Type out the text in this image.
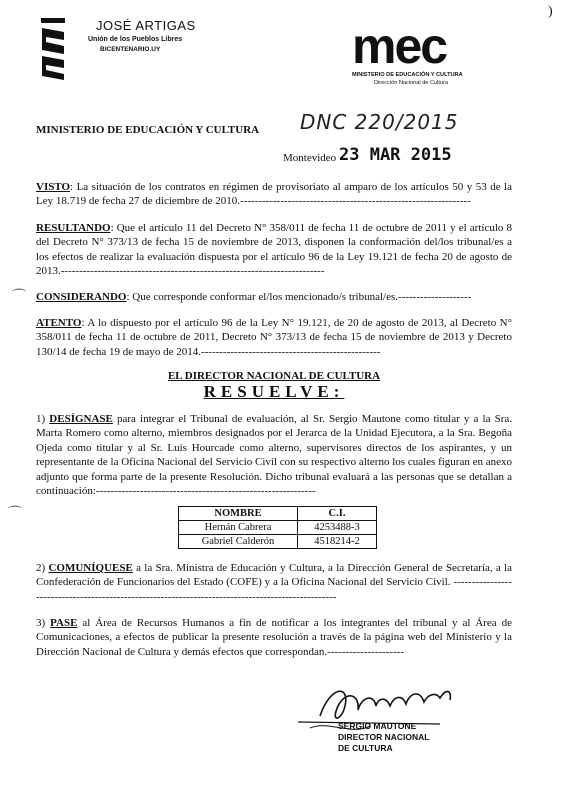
)
JOSÉ ARTIGAS
Unión de los Pueblos Libres
BICENTENARIO.UY	mec
MINISTERIO DE EDUCACIÓN Y CULTURA
Dirección Nacional de Cultura
MINISTERIO DE EDUCACIÓN Y CULTURA DNC 220/2015
Montevideo 23 MAR 2015
VISTO: La situación de los contratos en régimen de provisoriato al amparo de los artículos 50 y 53 de la Ley 18.719 de fecha 27 de diciembre de 2010.---------------------------------------------------------------
RESULTANDO: Que el artículo 11 del Decreto N° 358/011 de fecha 11 de octubre de 2011 y el artículo 8 del Decreto N° 373/13 de fecha 15 de noviembre de 2013, disponen la conformación del/los tribunal/es a los efectos de realizar la evaluación dispuesta por el artículo 96 de la Ley 19.121 de fecha 20 de agosto de 2013.------------------------------------------------------------------------
⌒ CONSIDERANDO: Que corresponde conformar el/los mencionado/s tribunal/es.--------------------
ATENTO: A lo dispuesto por el artículo 96 de la Ley N° 19.121, de 20 de agosto de 2013, al Decreto N° 358/011 de fecha 11 de octubre de 2011, Decreto N° 373/13 de fecha 15 de noviembre de 2013 y Decreto 130/14 de fecha 19 de mayo de 2014.-------------------------------------------------
EL DIRECTOR NACIONAL DE CULTURA
RESUELVE:
1) DESÍGNASE para integrar el Tribunal de evaluación, al Sr. Sergio Mautone como titular y a la Sra. Marta Romero como alterno, miembros designados por el Jerarca de la Unidad Ejecutora, a la Sra. Begoña Ojeda como titular y al Sr. Luis Hourcade como alterno, supervisores directos de los aspirantes, y un representante de la Oficina Nacional del Servicio Civil con su respectivo alterno los cuales figuran en anexo adjunto que forma parte de la presente Resolución. Dicho tribunal evaluará a las personas que se detallan a continuación:------------------------------------------------------------
⌒	NOMBRE	C.I.
Hernán Cabrera	4253488-3
Gabriel Calderón	4518214-2
2) COMUNÍQUESE a la Sra. Ministra de Educación y Cultura, a la Dirección General de Secretaría, a la Confederación de Funcionarios del Estado (COFE) y a la Oficina Nacional del Servicio Civil. --------------------------------------------------------------------------------------------------
3) PASE al Área de Recursos Humanos a fin de notificar a los integrantes del tribunal y al Área de Comunicaciones, a efectos de publicar la presente resolución a través de la página web del Ministerio y la Dirección Nacional de Cultura y demás efectos que correspondan.---------------------
SERGIO MAUTONE
DIRECTOR NACIONAL
DE CULTURA
